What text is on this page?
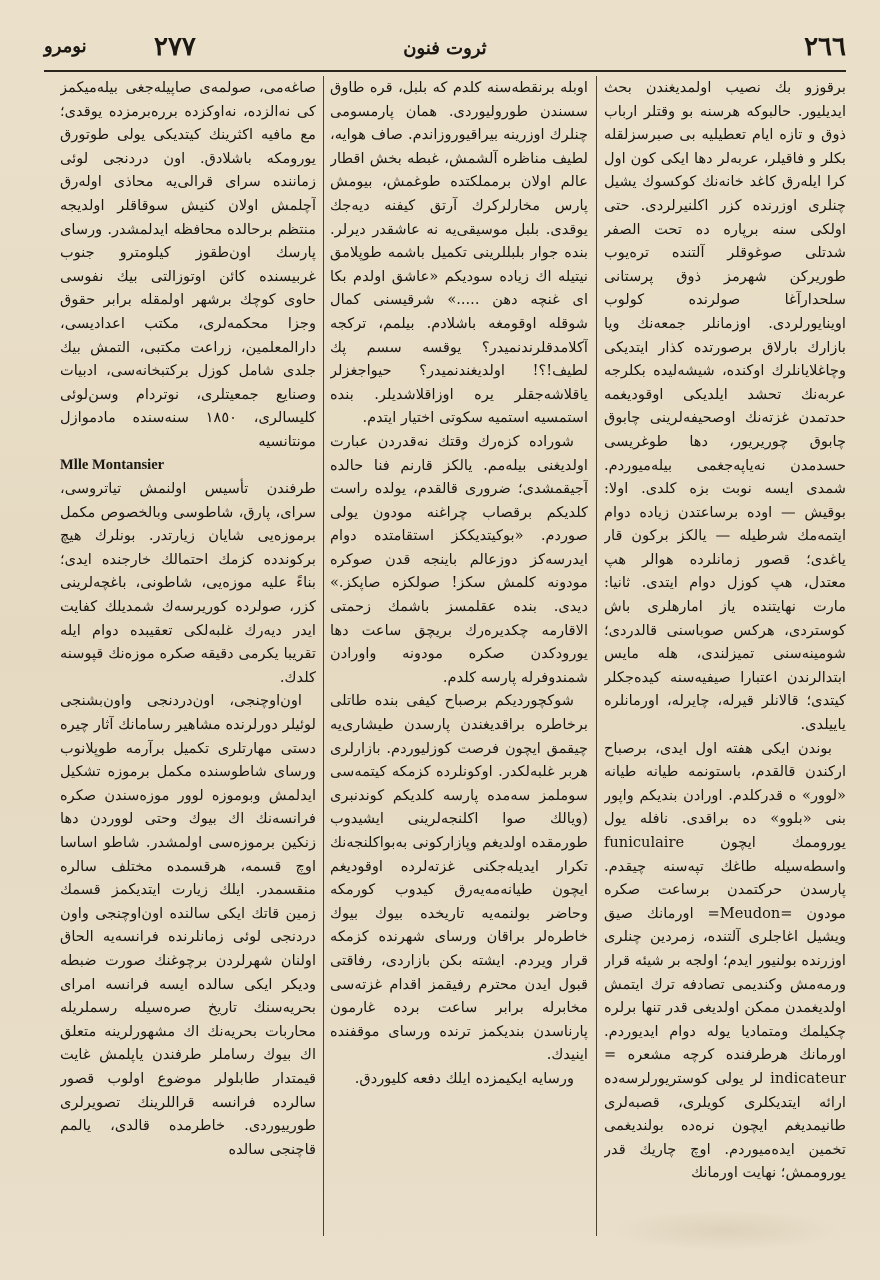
٢٦٦
ثروت فنون
٢٧٧
نومرو

برقوزو بك نصيب اولمدیغندن بحث ایدیلیور. حالبوكه هرسنه بو وقتلر ارباب ذوق و تازه ایام تعطیلیه بی صبرسزلقله بكلر و فاقیلر، عربه‌لر دها ایكی كون اول كرا ایله‌رق كاغد خانه‌نك كوكسوك یشیل چنلری اوزرنده كزر اكلنیرلردی. حتی اولكی سنه برپاره ده تحت الصفر شدتلی صوغوقلر آلتنده تره‌یوب طوریركن شهرمز ذوق پرستانی سلحدارآغا صولرنده كولوب اوینایورلردی. اوزمانلر جمعه‌نك ویا بازارك بارلاق برصورتده كذار ایتدیكی وچاغلایانلرك اوكنده، شیشه‌لیده بكلرجه عربه‌نك تحشد ایلدیكی اوقودیغمه حدتمدن غزته‌نك اوصحیفه‌لرینی چابوق چابوق چوریریور، دها طوغریسی حسدمدن نه‌یاپه‌جغمی بیله‌میوردم. شمدی ایسه نوبت بزه كلدی. اولا: بوقیش — اوده برساعتدن زیاده دوام ایتمه‌مك شرطیله — یالكز بركون قار یاغدی؛ قصور زمانلرده هوالر هپ معتدل، هپ كوزل دوام ایتدی. ثانیا: مارت نهایتنده یاز امارهلری باش كوستردی، هركس صوباسنی قالدردی؛ شومینه‌سنی تمیزلندی، هله مایس ابتدالرندن اعتبارا صیفیه‌سنه كیده‌جكلر كیتدی؛ قالانلر قیرله، چایرله، اورمانلره یاییلدی.

بوندن ایكی هفته اول ایدی، برصباح اركندن قالقدم، باستونمه طیانه طیانه «لوور» ه قدركلدم. اورادن بندیكم واپور بنی «بلوو» ده براقدی. نافله یول یوروممك ایچون funiculaire واسطه‌سیله طاغك تپه‌سنه چیقدم. پارسدن حركتمدن برساعت صكره مودون =Meudon= اورمانك صیق ویشیل اغاجلری آلتنده، زمردین چنلری اوزرنده بولنیور ایدم؛ اولجه بر شیئه قرار ورمه‌مش وكندیمی تصادفه ترك ایتمش اولدیغمدن ممكن اولدیغی قدر تنها برلره چكیلمك ومتمادیا یوله دوام ایدیوردم. اورمانك هرطرفنده كرچه مشعره = indicateur لر یولی كوستریورلرسه‌ده ارائه ایتدیكلری كویلری، قصبه‌لری طانیمدیغم ایچون نره‌ده بولندیغمی تخمین ایده‌میوردم. اوچ چاریك قدر یوروممش؛ نهایت اورمانك

اوبله برنقطه‌سنه كلدم كه بلبل، قره طاوق سسندن طورولیوردی. همان پارمسومی چنلرك اوزرینه بیراقیوروزاندم. صاف هوایه، لطیف مناظره آلشمش، غبطه بخش اقطار عالم اولان برمملكتده طوغمش، بیومش پارس مخارلركرك آرتق كیفنه دیه‌جك یوقدی. بلبل موسیقی‌یه نه عاشقدر دیرلر. بنده جوار بلبللرینی تكمیل باشمه طوپلامق نیتیله اك زیاده سودیكم «عاشق اولدم بكا ای غنچه دهن .....» شرقیسنی كمال شوقله اوقومغه باشلادم. بیلمم، تركجه آكلامدقلرندنمیدر؟ یوقسه سسم پك لطیف!؟! اولدیغندنمیدر؟ حیواجغزلر یاقلاشه‌جقلر یره اوزاقلاشدیلر. بنده استمسیه استمیه سكوتی اختیار ایتدم.

شوراده كزه‌رك وقتك نه‌قدردن عبارت اولدیغنی بیله‌مم. یالكز قارنم فنا حالده آجیقمشدی؛ ضروری قالقدم، یولده راست كلدیكم برقصاب چراغنه مودون یولی صوردم. «بوكیتدیككز استقامتده دوام ایدرسه‌كز دوزعالم باینجه قدن صوكره مودونه كلمش سكز! صولكزه صاپكز.» دیدی. بنده عقلمسز باشمك زحمتی الاقارمه چكدیره‌رك بریچق ساعت دها یورودكدن صكره مودونه واورادن شمندوفرله پارسه كلدم.

شوكچوردیكم برصباح كیفی بنده طاتلی برخاطره براقدیغندن پارسدن طیشاری‌یه چیقمق ایچون فرصت كوزلیوردم. بازارلری هربر غلبه‌لكدر. اوكونلرده كزمكه كیتمه‌سی سوملمز سه‌مده پارسه كلدیكم كوندنبری (ویالك صوا اكلنجه‌لرینی ایشیدوب طورمقده اولدیغم وپازاركونی به‌بواكلنجه‌نك تكرار ایدیله‌جكنی غزته‌لرده اوقودیغم ایچون طیانه‌مه‌یه‌رق كیدوب كورمكه وحاضر بولنمه‌یه تاریخده بیوك بیوك خاطره‌لر براقان ورسای شهرنده كزمكه قرار ویردم. ایشته بكن بازاردی، رفاقتی قبول ایدن محترم رفیقمز اقدام غزته‌سی مخابرله برابر ساعت برده غارمون پارناسدن بندیكمز ترنده ورسای موقفنده اینیدك.

ورسایه ایكیمزده ایلك دفعه كلیوردق.

صاغه‌می، صولمه‌ی صاپیله‌جغی بیله‌میكمز كی نه‌الزده، نه‌اوكزده برره‌برمزده یوقدی؛ مع مافیه اكثرینك كیتدیكی یولی طوتورق یورومكه باشلادق. اون دردنجی لوئی زماننده سرای قرالی‌یه محاذی اوله‌رق آچلمش اولان كنیش سوقاقلر اولدیجه منتظم برحالده محافظه ایدلمشدر. ورسای پارسك اون‌طقوز كیلومترو جنوب غربیسنده كائن اوتوزالتی بیك نفوسی حاوی كوچك برشهر اولمقله برابر حقوق وجزا محكمه‌لری، مكتب اعدادیسی، دارالمعلمین، زراعت مكتبی، التمش بیك جلدی شامل كوزل بركتبخانه‌سی، ادبیات وصنایع جمعیتلری، نوتردام وسن‌لوئی كلیسالری، ١٨٥٠ سنه‌سنده مادموازل مونتانسیه

Mlle Montansier

طرفندن تأسیس اولنمش تیاتروسی، سرای، پارق، شاطوسی وبالخصوص مكمل برموزه‌یی شایان زیارتدر. بونلرك هیچ بركوندده كزمك احتمالك خارجنده ایدی؛ بناءً علیه موزه‌یی، شاطونی، باغچه‌لرینی كزر، صولرده كوریرسه‌ك شمدیلك كفایت ایدر دیه‌رك غلبه‌لكی تعقیبده دوام ایله تقریبا یكرمی دقیقه صكره موزه‌نك قپوسنه كلدك.

اون‌اوچنجی، اون‌دردنجی واون‌بشنجی لوئیلر دورلرنده مشاهیر رسامانك آثار چیره دستی مهارتلری تكمیل برآرمه طوپلانوب ورسای شاطوسنده مكمل برموزه تشكیل ایدلمش وبوموزه لوور موزه‌سندن صكره فرانسه‌نك اك بیوك وحتی لووردن دها زنكین برموزه‌سی اولمشدر. شاطو اساسا اوچ قسمه، هرقسمده مختلف سالره منقسمدر. ایلك زیارت ایتدیكمز قسمك زمین قاتك ایكی سالنده اون‌اوچنجی واون دردنجی لوئی زمانلرنده فرانسه‌یه الحاق اولنان شهرلردن برچوغنك صورت ضبطه ودیكر ایكی سالده ایسه فرانسه امرای بحریه‌سنك تاریخ صره‌سیله رسملریله محاربات بحریه‌نك اك مشهورلرینه متعلق اك بیوك رساملر طرفندن یاپلمش غایت قیمتدار طابلولر موضوع اولوب قصور سالرده فرانسه قراللرینك تصویرلری طورییوردی. خاطرمده قالدی، یالمم قاچنجی سالده
